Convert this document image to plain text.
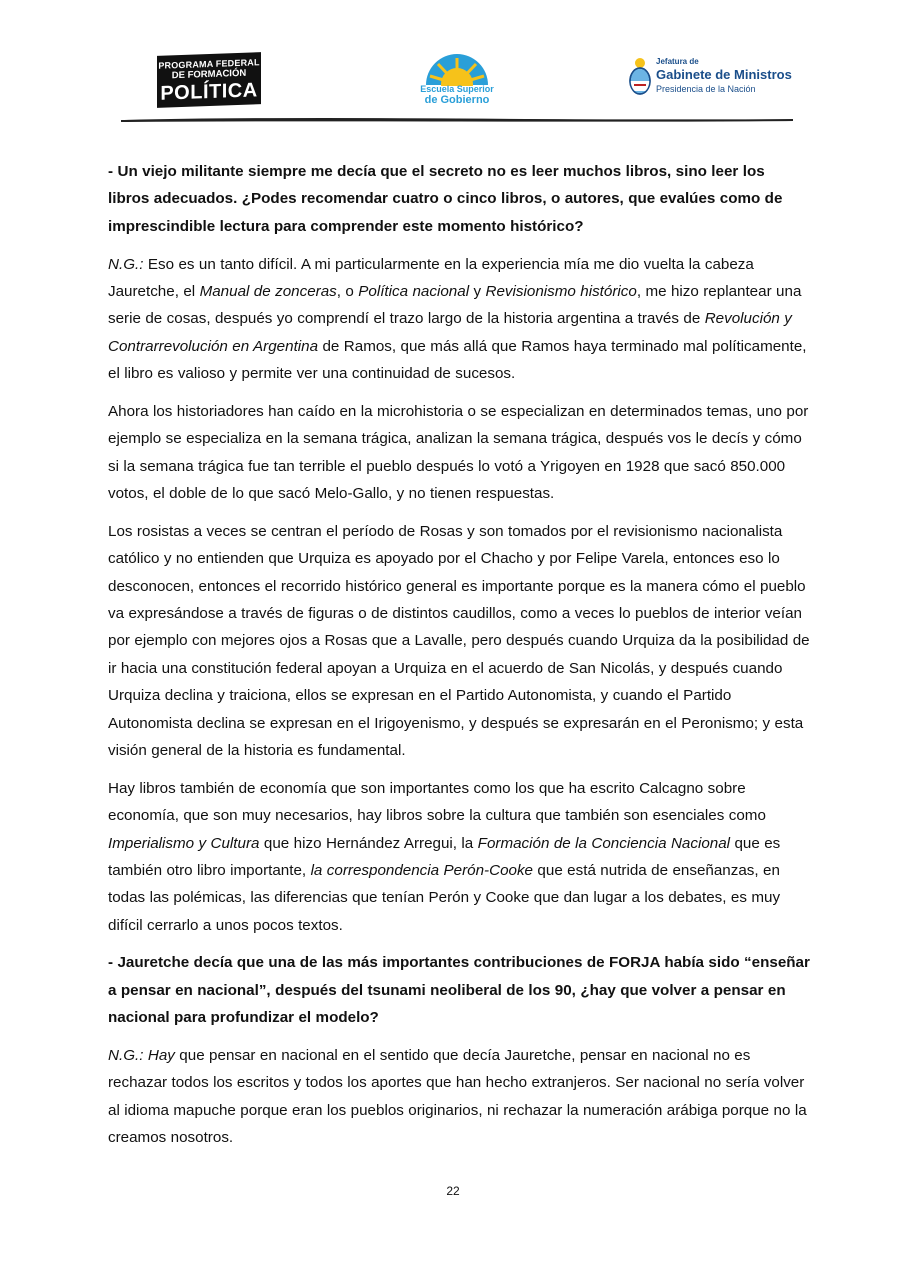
PROGRAMA FEDERAL
DE FORMACIÓN
POLÍTICA	Escuela Superior
de Gobierno
Jefatura de
Gabinete de Ministros
Presidencia de la Nación

- Un viejo militante siempre me decía que el secreto no es leer muchos libros, sino leer los libros adecuados. ¿Podes recomendar cuatro o cinco libros, o autores, que evalúes como de imprescindible lectura para comprender este momento histórico?

N.G.: Eso es un tanto difícil. A mi particularmente en la experiencia mía me dio vuelta la cabeza Jauretche, el Manual de zonceras, o Política nacional y Revisionismo histórico, me hizo replantear una serie de cosas, después yo comprendí el trazo largo de la historia argentina a través de Revolución y Contrarrevolución en Argentina de Ramos, que más allá que Ramos haya terminado mal políticamente, el libro es valioso y permite ver una continuidad de sucesos.

Ahora los historiadores han caído en la microhistoria o se especializan en determinados temas, uno por ejemplo se especializa en la semana trágica, analizan la semana trágica, después vos le decís y cómo si la semana trágica fue tan terrible el pueblo después lo votó a Yrigoyen en 1928 que sacó 850.000 votos, el doble de lo que sacó Melo-Gallo, y no tienen respuestas.

Los rosistas a veces se centran el período de Rosas y son tomados por el revisionismo nacionalista católico y no entienden que Urquiza es apoyado por el Chacho y por Felipe Varela, entonces eso lo desconocen, entonces el recorrido histórico general es importante porque es la manera cómo el pueblo va expresándose a través de figuras o de distintos caudillos, como a veces lo pueblos de interior veían por ejemplo con mejores ojos a Rosas que a Lavalle, pero después cuando Urquiza da la posibilidad de ir hacia una constitución federal apoyan a Urquiza en el acuerdo de San Nicolás, y después cuando Urquiza declina y traiciona, ellos se expresan en el Partido Autonomista, y cuando el Partido Autonomista declina se expresan en el Irigoyenismo, y después se expresarán en el Peronismo; y esta visión general de la historia es fundamental.

Hay libros también de economía que son importantes como los que ha escrito Calcagno sobre economía, que son muy necesarios, hay libros sobre la cultura que también son esenciales como Imperialismo y Cultura que hizo Hernández Arregui, la Formación de la Conciencia Nacional que es también otro libro importante, la correspondencia Perón-Cooke que está nutrida de enseñanzas, en todas las polémicas, las diferencias que tenían Perón y Cooke que dan lugar a los debates, es muy difícil cerrarlo a unos pocos textos.

- Jauretche decía que una de las más importantes contribuciones de FORJA había sido “enseñar a pensar en nacional”, después del tsunami neoliberal de los 90, ¿hay que volver a pensar en nacional para profundizar el modelo?

N.G.: Hay que pensar en nacional en el sentido que decía Jauretche, pensar en nacional no es rechazar todos los escritos y todos los aportes que han hecho extranjeros. Ser nacional no sería volver al idioma mapuche porque eran los pueblos originarios, ni rechazar la numeración arábiga porque no la creamos nosotros.

22
